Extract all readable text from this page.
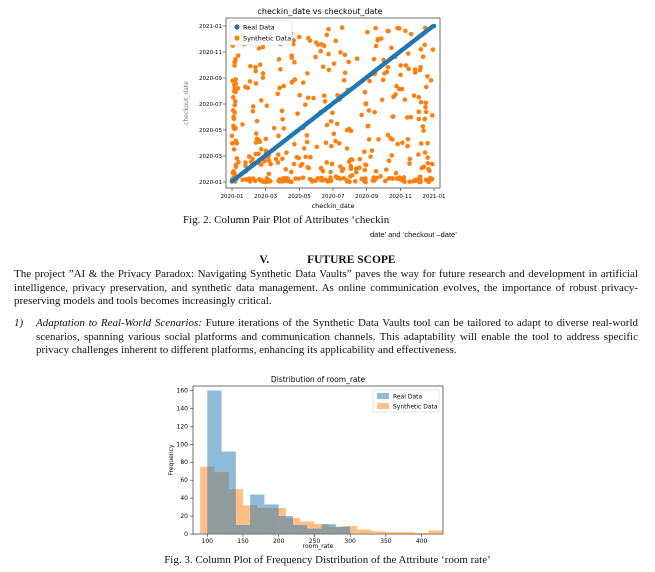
checkin_date vs checkout_date
2020-01 2020-03 2020-05 2020-07 2020-09 2020-11 2021-01
2020-01
2020-03
2020-05
2020-07
2020-09
2020-11
2021-01
checkin_date
checkout_date
Real Data
Synthetic Data
Fig. 2. Column Pair Plot of Attributes ‘checkin
date’ and ‘checkout –date’
V.	FUTURE SCOPE

The project ”AI & the Privacy Paradox: Navigating Synthetic Data Vaults” paves the way for future research and development in artificial intelligence, privacy preservation, and synthetic data management. As online communication evolves, the importance of robust privacy-preserving models and tools becomes increasingly critical.

1) Adaptation to Real-World Scenarios: Future iterations of the Synthetic Data Vaults tool can be tailored to adapt to diverse real-world scenarios, spanning various social platforms and communication channels. This adaptability will enable the tool to address specific privacy challenges inherent to different platforms, enhancing its applicability and effectiveness.

Distribution of room_rate
100	150	200	250	300	350	400
0
20
40
60
80
100
120
140
160
room_rate
Frequency
Real Data
Synthetic Data
Fig. 3. Column Plot of Frequency Distribution of the Attribute ‘room rate’
